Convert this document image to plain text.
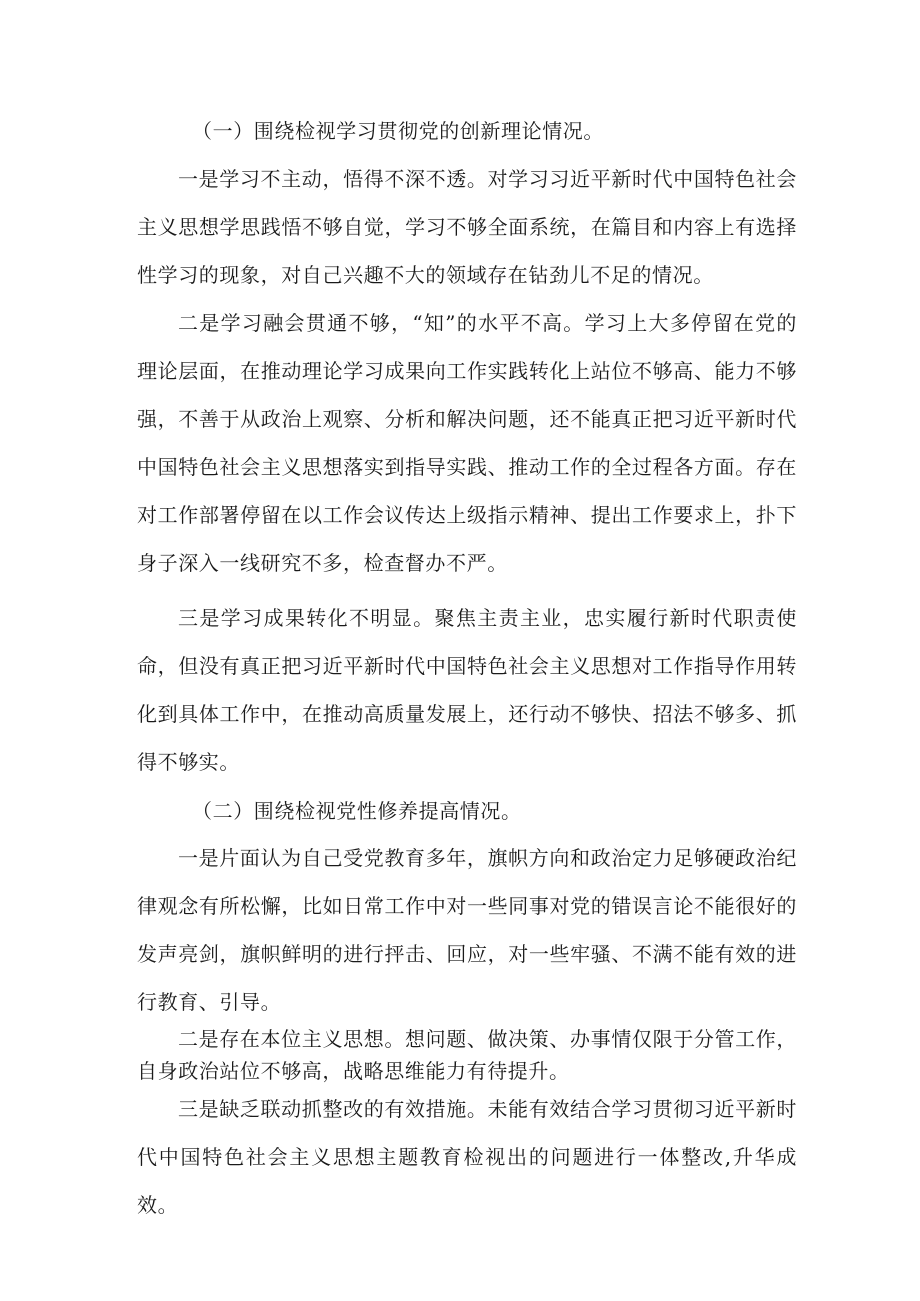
（一）围绕检视学习贯彻党的创新理论情况。

一是学习不主动，悟得不深不透。对学习习近平新时代中国特色社会主义思想学思践悟不够自觉，学习不够全面系统，在篇目和内容上有选择性学习的现象，对自己兴趣不大的领域存在钻劲儿不足的情况。

二是学习融会贯通不够，“知”的水平不高。学习上大多停留在党的理论层面，在推动理论学习成果向工作实践转化上站位不够高、能力不够强，不善于从政治上观察、分析和解决问题，还不能真正把习近平新时代中国特色社会主义思想落实到指导实践、推动工作的全过程各方面。存在对工作部署停留在以工作会议传达上级指示精神、提出工作要求上，扑下身子深入一线研究不多，检查督办不严。

三是学习成果转化不明显。聚焦主责主业，忠实履行新时代职责使命，但没有真正把习近平新时代中国特色社会主义思想对工作指导作用转化到具体工作中，在推动高质量发展上，还行动不够快、招法不够多、抓得不够实。

（二）围绕检视党性修养提高情况。

一是片面认为自己受党教育多年，旗帜方向和政治定力足够硬政治纪律观念有所松懈，比如日常工作中对一些同事对党的错误言论不能很好的发声亮剑，旗帜鲜明的进行抨击、回应，对一些牢骚、不满不能有效的进行教育、引导。

二是存在本位主义思想。想问题、做决策、办事情仅限于分管工作，自身政治站位不够高，战略思维能力有待提升。

三是缺乏联动抓整改的有效措施。未能有效结合学习贯彻习近平新时代中国特色社会主义思想主题教育检视出的问题进行一体整改,升华成效。
